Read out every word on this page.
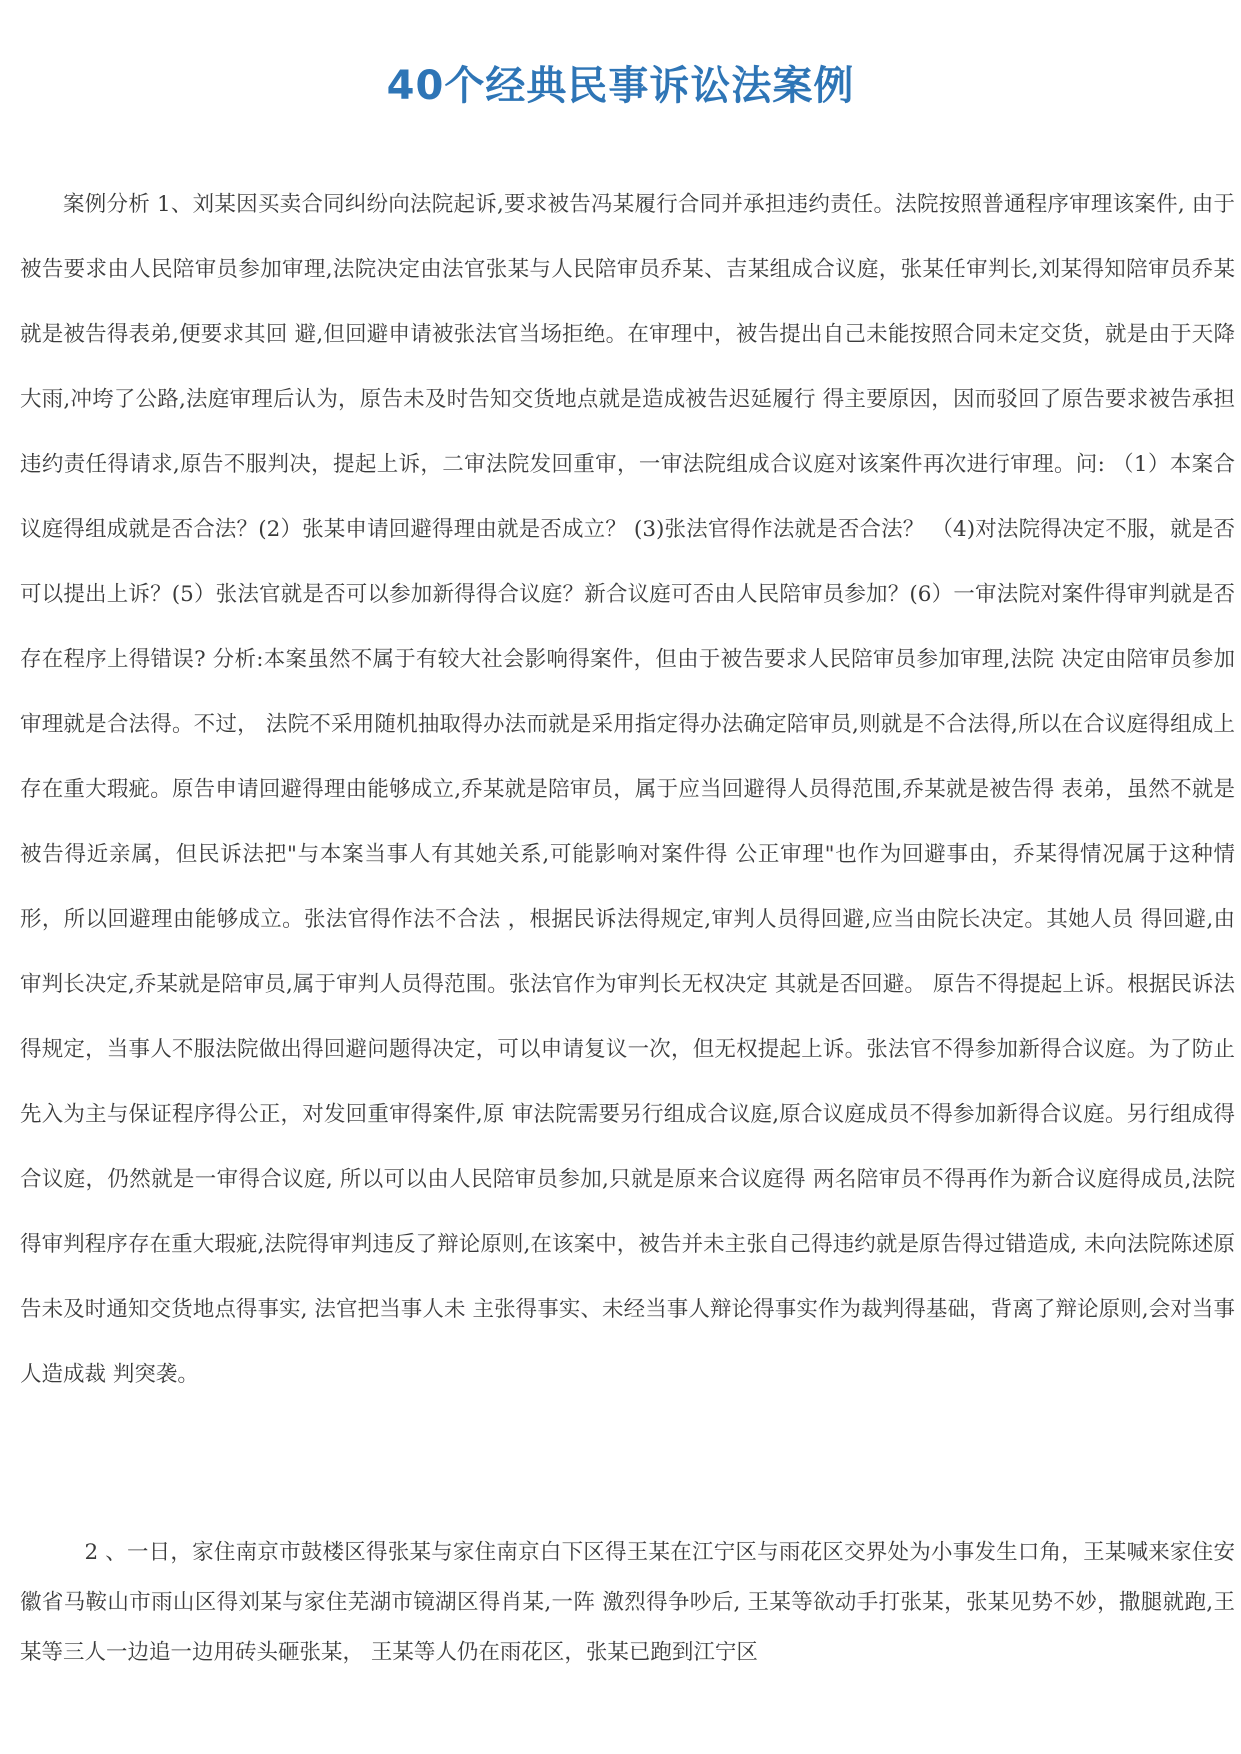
40个经典民事诉讼法案例

案例分析 1、刘某因买卖合同纠纷向法院起诉,要求被告冯某履行合同并承担违约责任。法院按照普通程序审理该案件, 由于被告要求由人民陪审员参加审理,法院决定由法官张某与人民陪审员乔某、吉某组成合议庭，张某任审判长,刘某得知陪审员乔某就是被告得表弟,便要求其回 避,但回避申请被张法官当场拒绝。在审理中，被告提出自己未能按照合同未定交货，就是由于天降大雨,冲垮了公路,法庭审理后认为，原告未及时告知交货地点就是造成被告迟延履行 得主要原因，因而驳回了原告要求被告承担违约责任得请求,原告不服判决，提起上诉，二审法院发回重审，一审法院组成合议庭对该案件再次进行审理。问: （1）本案合议庭得组成就是否合法？(2）张某申请回避得理由就是否成立？ (3)张法官得作法就是否合法？ （4)对法院得决定不服，就是否可以提出上诉？(5）张法官就是否可以参加新得得合议庭？新合议庭可否由人民陪审员参加？(6）一审法院对案件得审判就是否存在程序上得错误? 分析:本案虽然不属于有较大社会影响得案件，但由于被告要求人民陪审员参加审理,法院 决定由陪审员参加审理就是合法得。不过， 法院不采用随机抽取得办法而就是采用指定得办法确定陪审员,则就是不合法得,所以在合议庭得组成上存在重大瑕疵。原告申请回避得理由能够成立,乔某就是陪审员，属于应当回避得人员得范围,乔某就是被告得 表弟，虽然不就是被告得近亲属，但民诉法把"与本案当事人有其她关系,可能影响对案件得 公正审理"也作为回避事由，乔某得情况属于这种情形，所以回避理由能够成立。张法官得作法不合法 ，根据民诉法得规定,审判人员得回避,应当由院长决定。其她人员 得回避,由审判长决定,乔某就是陪审员,属于审判人员得范围。张法官作为审判长无权决定 其就是否回避。 原告不得提起上诉。根据民诉法得规定，当事人不服法院做出得回避问题得决定，可以申请复议一次，但无权提起上诉。张法官不得参加新得合议庭。为了防止先入为主与保证程序得公正，对发回重审得案件,原 审法院需要另行组成合议庭,原合议庭成员不得参加新得合议庭。另行组成得合议庭，仍然就是一审得合议庭, 所以可以由人民陪审员参加,只就是原来合议庭得 两名陪审员不得再作为新合议庭得成员,法院得审判程序存在重大瑕疵,法院得审判违反了辩论原则,在该案中，被告并未主张自己得违约就是原告得过错造成, 未向法院陈述原告未及时通知交货地点得事实, 法官把当事人未 主张得事实、未经当事人辩论得事实作为裁判得基础，背离了辩论原则,会对当事人造成裁 判突袭。

2 、一日，家住南京市鼓楼区得张某与家住南京白下区得王某在江宁区与雨花区交界处为小事发生口角，王某喊来家住安徽省马鞍山市雨山区得刘某与家住芜湖市镜湖区得肖某,一阵 激烈得争吵后, 王某等欲动手打张某，张某见势不妙，撒腿就跑,王某等三人一边追一边用砖头砸张某， 王某等人仍在雨花区，张某已跑到江宁区
